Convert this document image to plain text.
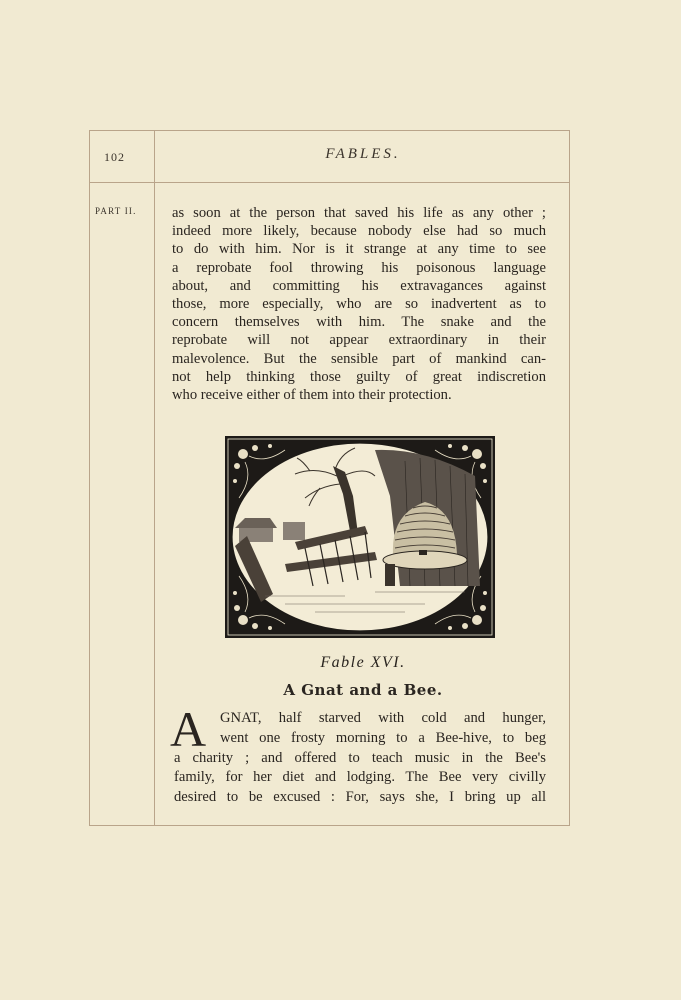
102	FABLES.
PART II. as soon at the person that saved his life as any other ;
indeed more likely, because nobody else had so much
to do with him. Nor is it strange at any time to see
a reprobate fool throwing his poisonous language
about, and committing his extravagances against
those, more especially, who are so inadvertent as to
concern themselves with him. The snake and the
reprobate will not appear extraordinary in their
malevolence. But the sensible part of mankind can-
not help thinking those guilty of great indiscretion
who receive either of them into their protection.

Fable XVI.
A Gnat and a Bee.
A GNAT, half starved with cold and hunger,
went one frosty morning to a Bee-hive, to beg
a charity ; and offered to teach music in the Bee's
family, for her diet and lodging. The Bee very civilly
desired to be excused : For, says she, I bring up all
